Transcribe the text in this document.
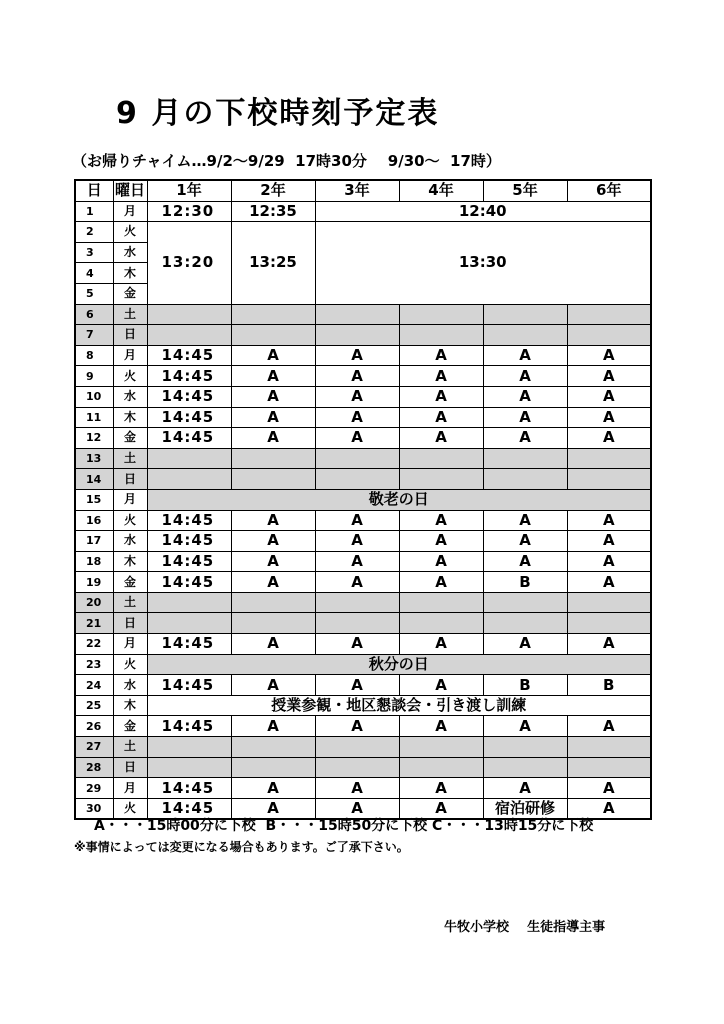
9 月の下校時刻予定表
（お帰りチャイム…9/2～9/29  17時30分    9/30～  17時）
日	曜日	1年	2年	3年	4年	5年	6年
1	月	12:30	12:35	12:40			
2	火	13:20	13:25	13:30			
3	水						
4	木						
5	金						
6	土						
7	日						
8	月	14:45	A	A	A	A	A
9	火	14:45	A	A	A	A	A
10	水	14:45	A	A	A	A	A
11	木	14:45	A	A	A	A	A
12	金	14:45	A	A	A	A	A
13	土						
14	日						
15	月	敬老の日					
16	火	14:45	A	A	A	A	A
17	水	14:45	A	A	A	A	A
18	木	14:45	A	A	A	A	A
19	金	14:45	A	A	A	B	A
20	土						
21	日						
22	月	14:45	A	A	A	A	A
23	火	秋分の日					
24	水	14:45	A	A	A	B	B
25	木	授業参観・地区懇談会・引き渡し訓練					
26	金	14:45	A	A	A	A	A
27	土						
28	日						
29	月	14:45	A	A	A	A	A
30	火	14:45	A	A	A	宿泊研修	A
A・・・15時00分に下校  B・・・15時50分に下校 C・・・13時15分に下校
※事情によっては変更になる場合もあります。ご了承下さい。
牛牧小学校    生徒指導主事
